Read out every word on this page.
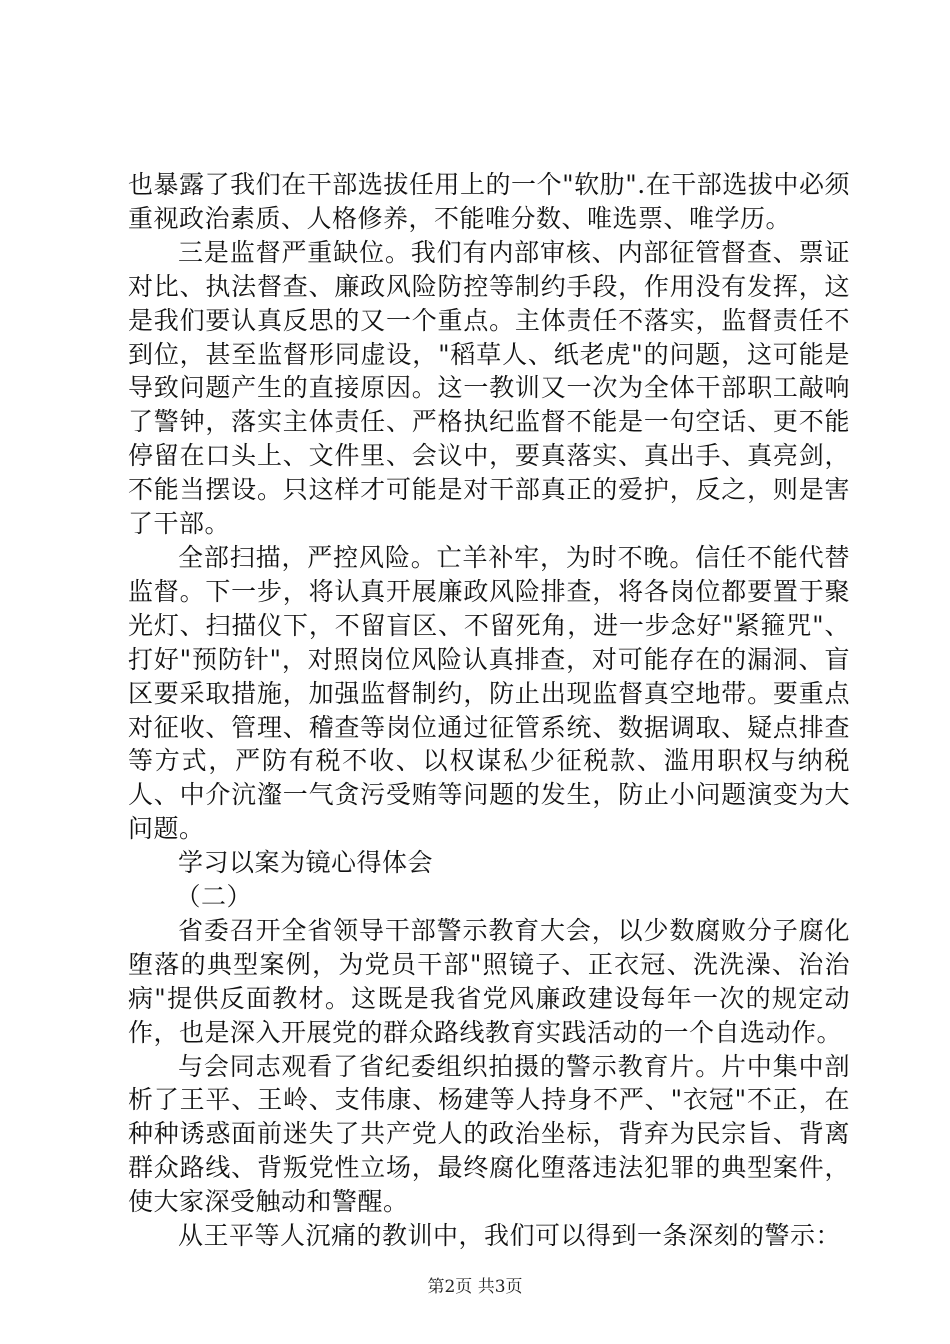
也暴露了我们在干部选拔任用上的一个"软肋".在干部选拔中必须重视政治素质、人格修养，不能唯分数、唯选票、唯学历。

三是监督严重缺位。我们有内部审核、内部征管督查、票证对比、执法督查、廉政风险防控等制约手段，作用没有发挥，这是我们要认真反思的又一个重点。主体责任不落实，监督责任不到位，甚至监督形同虚设，"稻草人、纸老虎"的问题，这可能是导致问题产生的直接原因。这一教训又一次为全体干部职工敲响了警钟，落实主体责任、严格执纪监督不能是一句空话、更不能停留在口头上、文件里、会议中，要真落实、真出手、真亮剑，不能当摆设。只这样才可能是对干部真正的爱护，反之，则是害了干部。

全部扫描，严控风险。亡羊补牢，为时不晚。信任不能代替监督。下一步，将认真开展廉政风险排查，将各岗位都要置于聚光灯、扫描仪下，不留盲区、不留死角，进一步念好"紧箍咒"、打好"预防针"，对照岗位风险认真排查，对可能存在的漏洞、盲区要采取措施，加强监督制约，防止出现监督真空地带。要重点对征收、管理、稽查等岗位通过征管系统、数据调取、疑点排查等方式，严防有税不收、以权谋私少征税款、滥用职权与纳税人、中介沆瀣一气贪污受贿等问题的发生，防止小问题演变为大问题。

学习以案为镜心得体会

（二）

省委召开全省领导干部警示教育大会，以少数腐败分子腐化堕落的典型案例，为党员干部"照镜子、正衣冠、洗洗澡、治治病"提供反面教材。这既是我省党风廉政建设每年一次的规定动作，也是深入开展党的群众路线教育实践活动的一个自选动作。

与会同志观看了省纪委组织拍摄的警示教育片。片中集中剖析了王平、王岭、支伟康、杨建等人持身不严、"衣冠"不正，在种种诱惑面前迷失了共产党人的政治坐标，背弃为民宗旨、背离群众路线、背叛党性立场，最终腐化堕落违法犯罪的典型案件，使大家深受触动和警醒。

从王平等人沉痛的教训中，我们可以得到一条深刻的警示：

第2页 共3页
